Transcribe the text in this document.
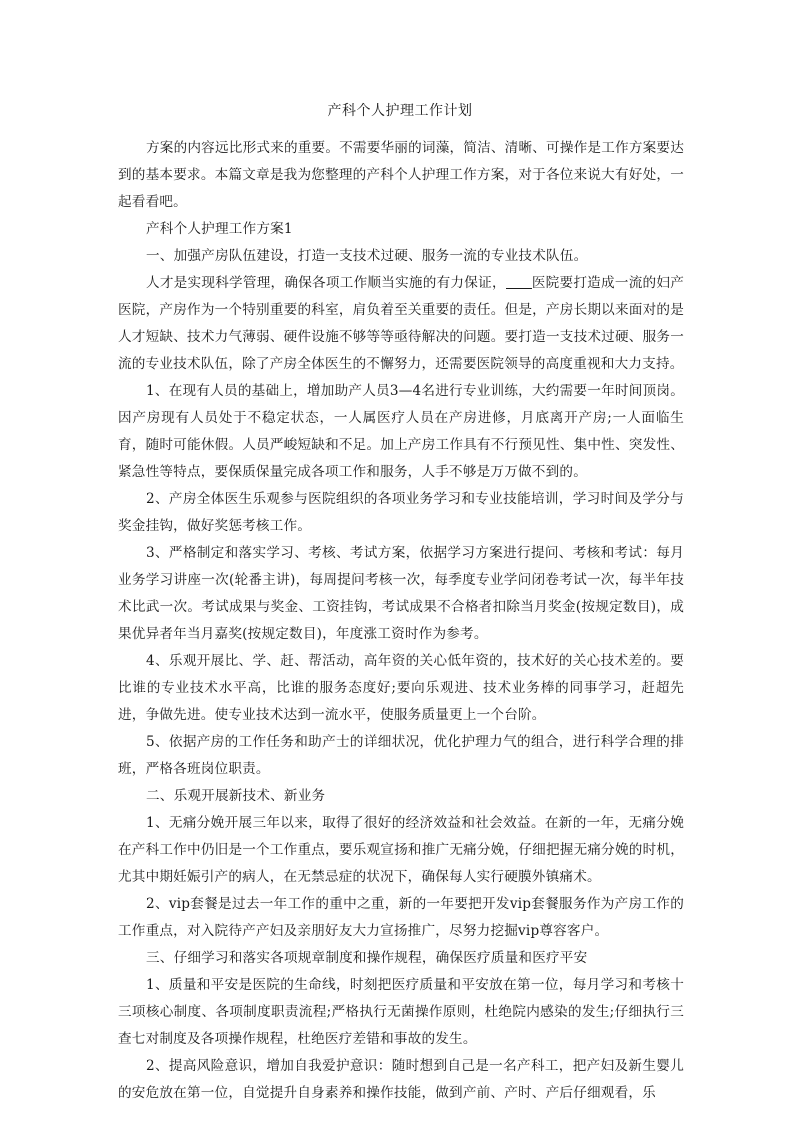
产科个人护理工作计划

方案的内容远比形式来的重要。不需要华丽的词藻，简洁、清晰、可操作是工作方案要达到的基本要求。本篇文章是我为您整理的产科个人护理工作方案，对于各位来说大有好处，一起看看吧。

产科个人护理工作方案1

一、加强产房队伍建设，打造一支技术过硬、服务一流的专业技术队伍。

人才是实现科学管理，确保各项工作顺当实施的有力保证， 医院要打造成一流的妇产医院，产房作为一个特别重要的科室，肩负着至关重要的责任。但是，产房长期以来面对的是人才短缺、技术力气薄弱、硬件设施不够等等亟待解决的问题。要打造一支技术过硬、服务一流的专业技术队伍，除了产房全体医生的不懈努力，还需要医院领导的高度重视和大力支持。

1、在现有人员的基础上，增加助产人员3—4名进行专业训练，大约需要一年时间顶岗。因产房现有人员处于不稳定状态，一人属医疗人员在产房进修，月底离开产房;一人面临生育，随时可能休假。人员严峻短缺和不足。加上产房工作具有不行预见性、集中性、突发性、紧急性等特点，要保质保量完成各项工作和服务，人手不够是万万做不到的。

2、产房全体医生乐观参与医院组织的各项业务学习和专业技能培训，学习时间及学分与奖金挂钩，做好奖惩考核工作。

3、严格制定和落实学习、考核、考试方案，依据学习方案进行提问、考核和考试：每月业务学习讲座一次(轮番主讲)，每周提问考核一次，每季度专业学问闭卷考试一次，每半年技术比武一次。考试成果与奖金、工资挂钩，考试成果不合格者扣除当月奖金(按规定数目)，成果优异者年当月嘉奖(按规定数目)，年度涨工资时作为参考。

4、乐观开展比、学、赶、帮活动，高年资的关心低年资的，技术好的关心技术差的。要比谁的专业技术水平高，比谁的服务态度好;要向乐观进、技术业务棒的同事学习，赶超先进，争做先进。使专业技术达到一流水平，使服务质量更上一个台阶。

5、依据产房的工作任务和助产士的详细状况，优化护理力气的组合，进行科学合理的排班，严格各班岗位职责。

二、乐观开展新技术、新业务

1、无痛分娩开展三年以来，取得了很好的经济效益和社会效益。在新的一年，无痛分娩在产科工作中仍旧是一个工作重点，要乐观宣扬和推广无痛分娩，仔细把握无痛分娩的时机，尤其中期妊娠引产的病人，在无禁忌症的状况下，确保每人实行硬膜外镇痛术。

2、vip套餐是过去一年工作的重中之重，新的一年要把开发vip套餐服务作为产房工作的工作重点，对入院待产产妇及亲朋好友大力宣扬推广，尽努力挖掘vip尊容客户。

三、仔细学习和落实各项规章制度和操作规程，确保医疗质量和医疗平安

1、质量和平安是医院的生命线，时刻把医疗质量和平安放在第一位，每月学习和考核十三项核心制度、各项制度职责流程;严格执行无菌操作原则，杜绝院内感染的发生;仔细执行三查七对制度及各项操作规程，杜绝医疗差错和事故的发生。

2、提高风险意识，增加自我爱护意识：随时想到自己是一名产科工，把产妇及新生婴儿的安危放在第一位，自觉提升自身素养和操作技能，做到产前、产时、产后仔细观看，乐
